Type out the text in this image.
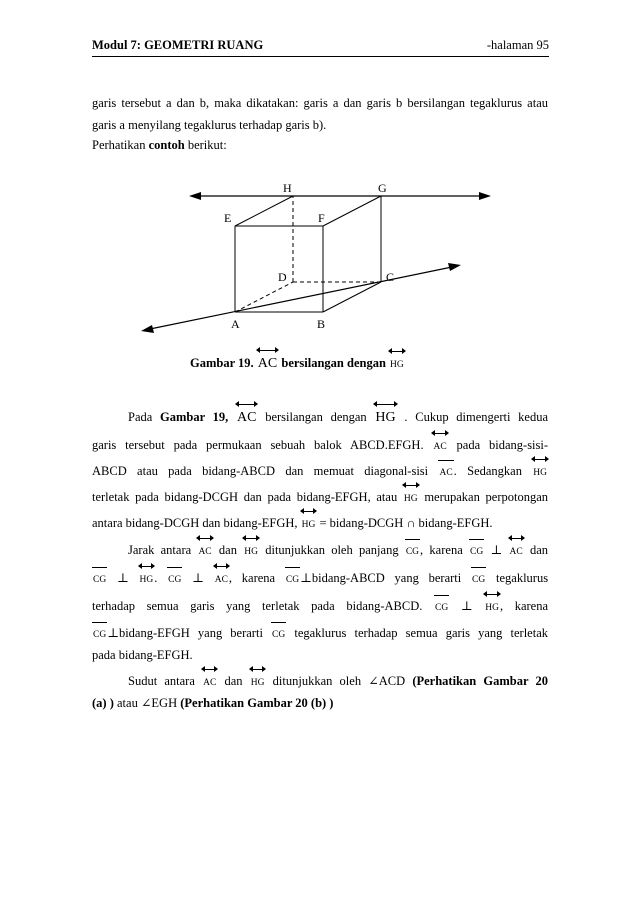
Modul 7: GEOMETRI RUANG	-halaman 95

garis tersebut a dan b, maka dikatakan: garis a dan garis b bersilangan tegaklurus atau

garis a menyilang tegaklurus terhadap garis b).

Perhatikan contoh berikut:

H	G
E	F
D	C
A	B

Gambar 19. AC bersilangan dengan HG

Pada Gambar 19, AC bersilangan dengan HG . Cukup dimengerti kedua

garis tersebut pada permukaan sebuah balok ABCD.EFGH. AC pada bidang-sisi-

ABCD atau pada bidang-ABCD dan memuat diagonal-sisi AC. Sedangkan HG

terletak pada bidang-DCGH dan pada bidang-EFGH, atau HG merupakan perpotongan

antara bidang-DCGH dan bidang-EFGH, HG = bidang-DCGH ∩ bidang-EFGH.

Jarak antara AC dan HG ditunjukkan oleh panjang CG, karena CG ⊥ AC dan

CG ⊥ HG. CG ⊥ AC, karena CG⊥bidang-ABCD yang berarti CG tegaklurus

terhadap semua garis yang terletak pada bidang-ABCD. CG ⊥ HG, karena

CG⊥bidang-EFGH yang berarti CG tegaklurus terhadap semua garis yang terletak

pada bidang-EFGH.

Sudut antara AC dan HG ditunjukkan oleh ∠ACD (Perhatikan Gambar 20

(a) ) atau ∠EGH (Perhatikan Gambar 20 (b) )
